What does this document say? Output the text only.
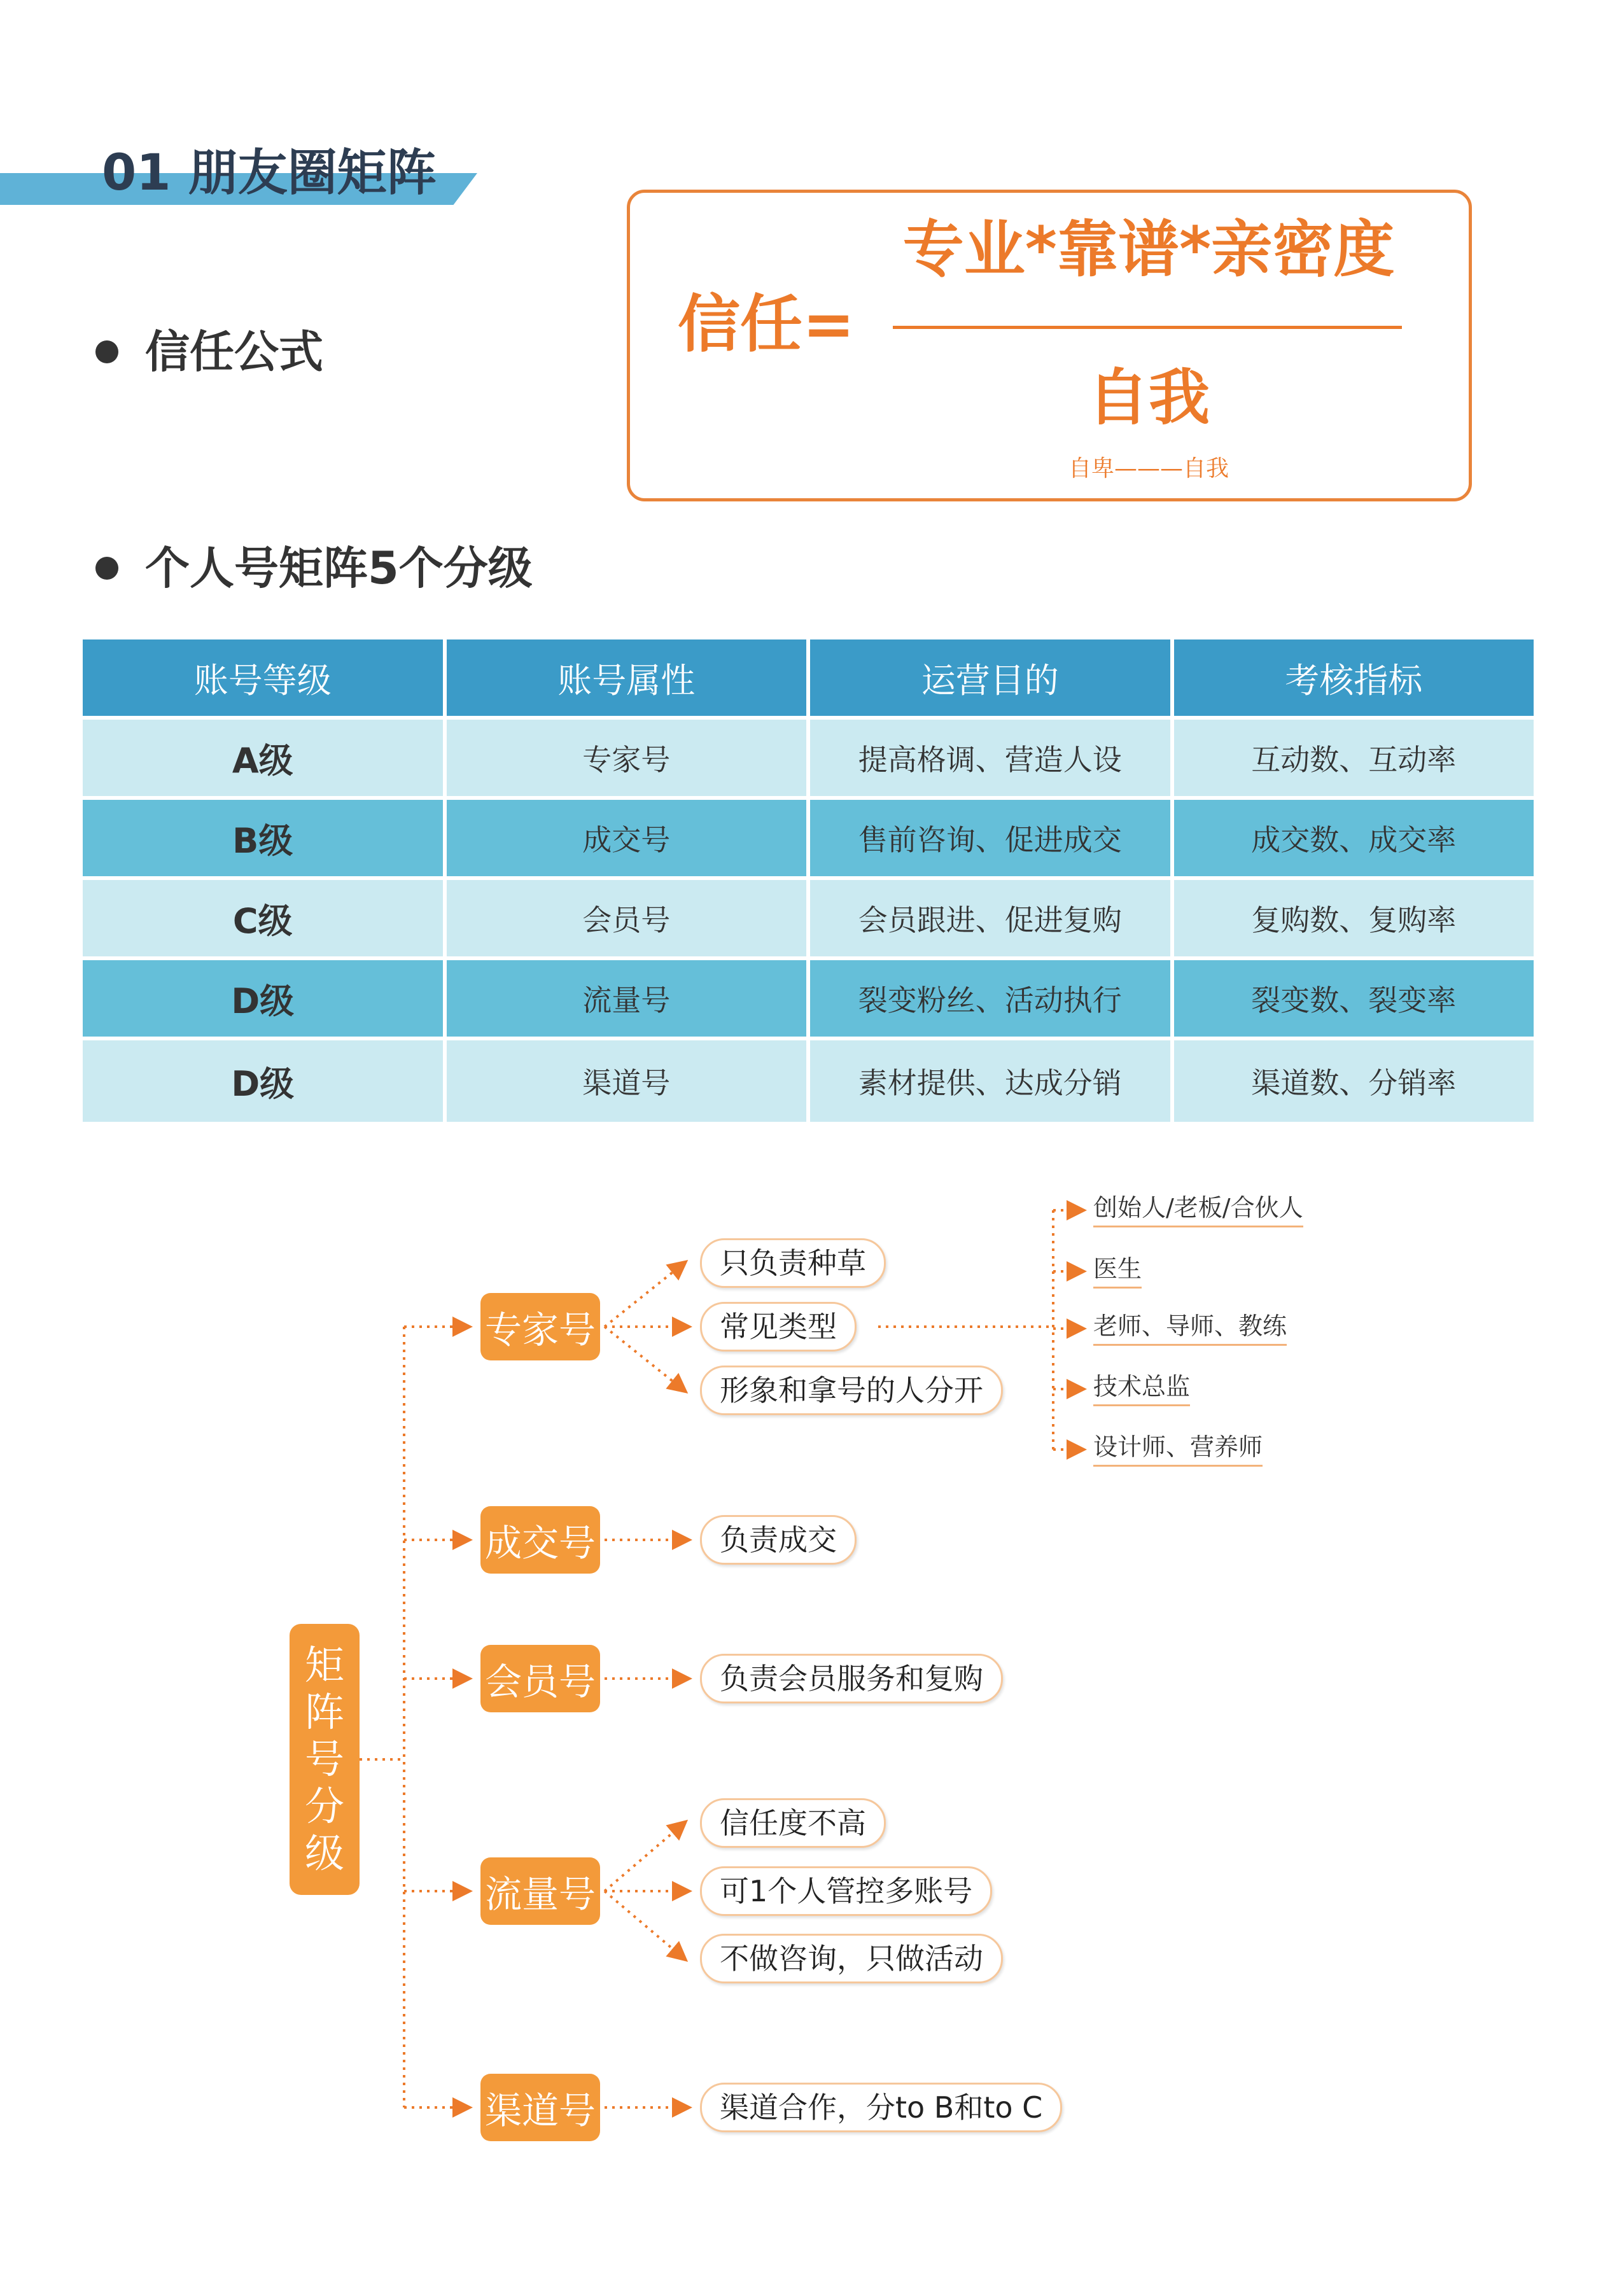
01 朋友圈矩阵
信任公式	信任=
专业*靠谱*亲密度
自我
自卑———自我
个人号矩阵5个分级
账号等级	账号属性	运营目的	考核指标
A级	专家号	提高格调、营造人设	互动数、互动率
B级	成交号	售前咨询、促进成交	成交数、成交率
C级	会员号	会员跟进、促进复购	复购数、复购率
D级	流量号	裂变粉丝、活动执行	裂变数、裂变率
D级	渠道号	素材提供、达成分销	渠道数、分销率
矩阵号分级
专家号
成交号
会员号
流量号
渠道号
只负责种草
常见类型
形象和拿号的人分开
负责成交
负责会员服务和复购
信任度不高
可1个人管控多账号
不做咨询，只做活动
渠道合作，分to B和to C
创始人/老板/合伙人
医生
老师、导师、教练
技术总监
设计师、营养师
